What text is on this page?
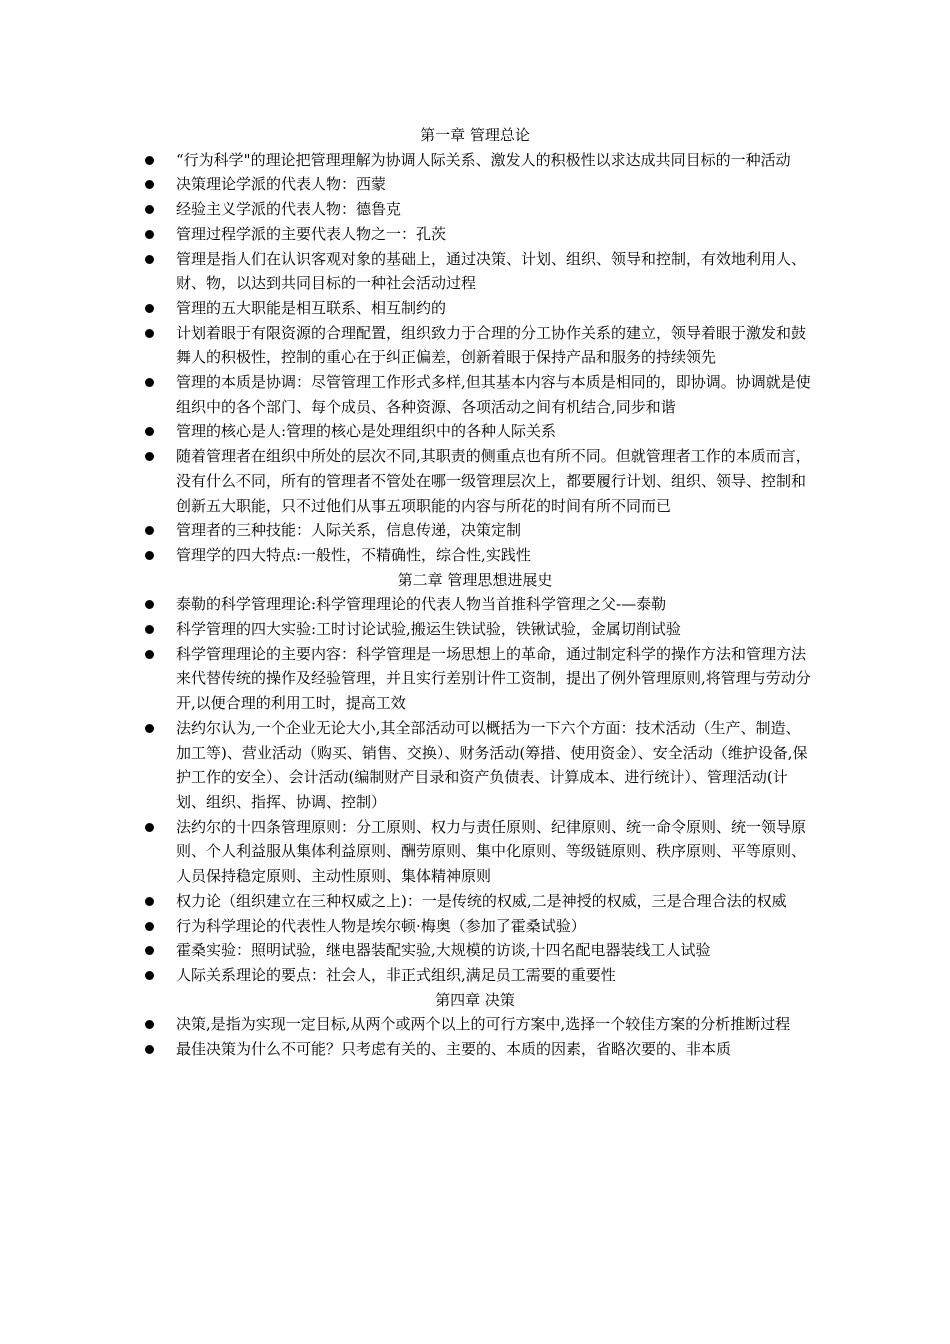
第一章 管理总论
“行为科学"的理论把管理理解为协调人际关系、激发人的积极性以求达成共同目标的一种活动
决策理论学派的代表人物：西蒙
经验主义学派的代表人物：德鲁克
管理过程学派的主要代表人物之一：孔茨
管理是指人们在认识客观对象的基础上，通过决策、计划、组织、领导和控制，有效地利用人、财、物，以达到共同目标的一种社会活动过程
管理的五大职能是相互联系、相互制约的
计划着眼于有限资源的合理配置，组织致力于合理的分工协作关系的建立，领导着眼于激发和鼓舞人的积极性，控制的重心在于纠正偏差，创新着眼于保持产品和服务的持续领先
管理的本质是协调：尽管管理工作形式多样,但其基本内容与本质是相同的，即协调。协调就是使组织中的各个部门、每个成员、各种资源、各项活动之间有机结合,同步和谐
管理的核心是人:管理的核心是处理组织中的各种人际关系
随着管理者在组织中所处的层次不同,其职责的侧重点也有所不同。但就管理者工作的本质而言，没有什么不同，所有的管理者不管处在哪一级管理层次上，都要履行计划、组织、领导、控制和创新五大职能，只不过他们从事五项职能的内容与所花的时间有所不同而已
管理者的三种技能：人际关系，信息传递，决策定制
管理学的四大特点:一般性，不精确性，综合性,实践性
第二章 管理思想进展史
泰勒的科学管理理论:科学管理理论的代表人物当首推科学管理之父-—泰勒
科学管理的四大实验:工时讨论试验,搬运生铁试验，铁锹试验，金属切削试验
科学管理理论的主要内容：科学管理是一场思想上的革命，通过制定科学的操作方法和管理方法来代替传统的操作及经验管理，并且实行差别计件工资制，提出了例外管理原则,将管理与劳动分开,以便合理的利用工时，提高工效
法约尔认为,一个企业无论大小,其全部活动可以概括为一下六个方面：技术活动（生产、制造、加工等)、营业活动（购买、销售、交换）、财务活动(筹措、使用资金）、安全活动（维护设备,保护工作的安全）、会计活动(编制财产目录和资产负债表、计算成本、进行统计）、管理活动(计划、组织、指挥、协调、控制）
法约尔的十四条管理原则：分工原则、权力与责任原则、纪律原则、统一命令原则、统一领导原则、个人利益服从集体利益原则、酬劳原则、集中化原则、等级链原则、秩序原则、平等原则、人员保持稳定原则、主动性原则、集体精神原则
权力论（组织建立在三种权威之上)：一是传统的权威,二是神授的权威，三是合理合法的权威
行为科学理论的代表性人物是埃尔顿·梅奥（参加了霍桑试验）
霍桑实验：照明试验，继电器装配实验,大规模的访谈,十四名配电器装线工人试验
人际关系理论的要点：社会人，非正式组织,满足员工需要的重要性
第四章 决策
决策,是指为实现一定目标,从两个或两个以上的可行方案中,选择一个较佳方案的分析推断过程
最佳决策为什么不可能？只考虑有关的、主要的、本质的因素，省略次要的、非本质
